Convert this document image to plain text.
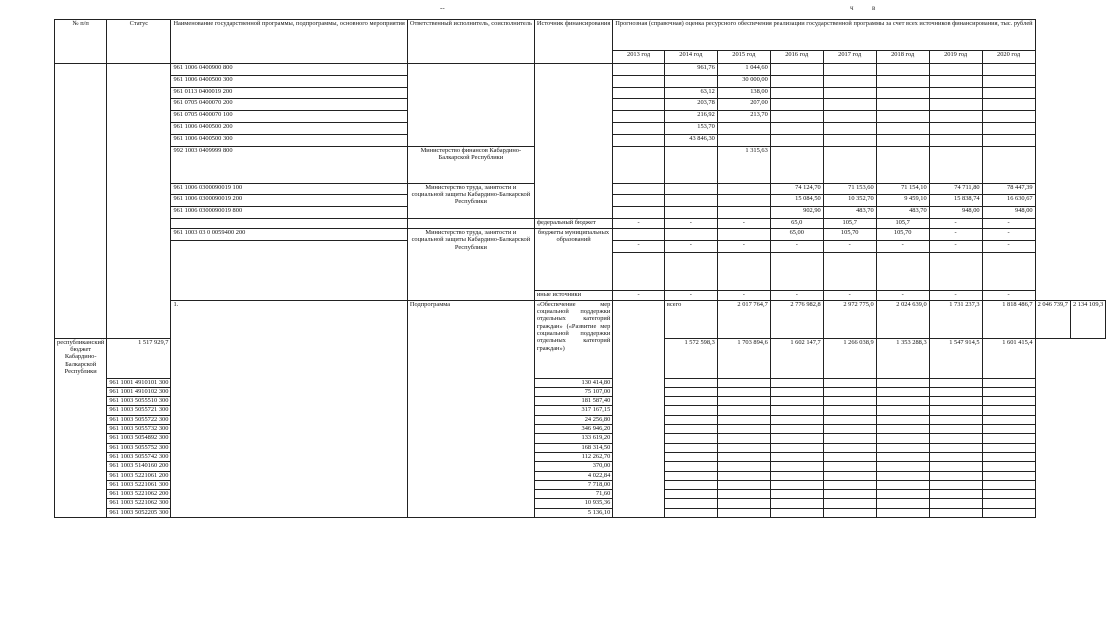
--	ч	в
№ п/п	Статус	Наименование государственной программы, подпрограммы, основного мероприятия	Ответственный исполнитель, соисполнитель	Источник финансирования	Прогнозная (справочная) оценка ресурсного обеспечения реализации государственной программы за счет всех источников финансирования, тыс. рублей									
					2013 год	2014 год	2015 год	2016 год	2017 год	2018 год	2019 год	2020 год		
		961 1006 0400900 800				961,76	1 044,60							
		961 1006 0400500 300					30 000,00							
		961 0113 0400019 200				63,12	138,00							
		961 0705 0400070 200				203,78	207,00							
		961 0705 0400070 100				216,92	213,70							
		961 1006 0400500 200				153,70								
		961 1006 0400500 300				43 846,30								
		992 1003 0409999 800	Министерство финансов Кабардино-Балкарской Республики				1 315,63							
		961 1006 0300090019 100	Министерство труда, занятости и социальной защиты Кабардино-Балкарской Республики					74 124,70	71 153,60	71 154,10	74 711,80	78 447,39		
		961 1006 0300090019 200						15 084,50	10 352,70	9 459,10	15 838,74	16 630,67		
		961 1006 0300090019 800						902,90	483,70	483,70	948,00	948,00		
				федеральный бюджет	-	-	-	65,0	105,7	105,7	-	-		
		961 1003 03 0 0059400 200	Министерство труда, занятости и социальной защиты Кабардино-Балкарской Республики	бюджеты муниципальных образований				65,00	105,70	105,70	-	-		
					-	-	-	-	-	-	-	-		

				иные источники	-	-	-	-	-	-	-	-		
		1.	Подпрограмма	«Обеспечение мер социальной поддержки отдельных категорий граждан» («Развитие мер социальной поддержки отдельных категорий граждан»)		всего	2 017 764,7	2 776 982,8	2 972 775,0	2 024 639,0	1 731 237,3	1 818 486,7	2 046 739,7	2 134 109,3
республиканский бюджет Кабардино-Балкарской Республики	1 517 929,7					1 572 598,3	1 703 894,6	1 602 147,7	1 266 038,9	1 353 288,3	1 547 914,5	1 601 415,4		
	961 1001 4910101 300			130 414,80										
	961 1001 4910102 300			75 107,00										
	961 1003 5055510 300			181 587,40										
	961 1003 5055721 300			317 167,15										
	961 1003 5055722 300			24 256,80										
	961 1003 5055732 300			346 946,20										
	961 1003 5054892 300			133 619,20										
	961 1003 5055752 300			168 314,50										
	961 1003 5055742 300			112 262,70										
	961 1003 5140160 200			370,00										
	961 1003 5221061 200			4 022,84										
	961 1003 5221061 300			7 718,00										
	961 1003 5221062 200			71,60										
	961 1003 5221062 300			10 935,36										
	961 1003 5052205 300			5 136,10										
